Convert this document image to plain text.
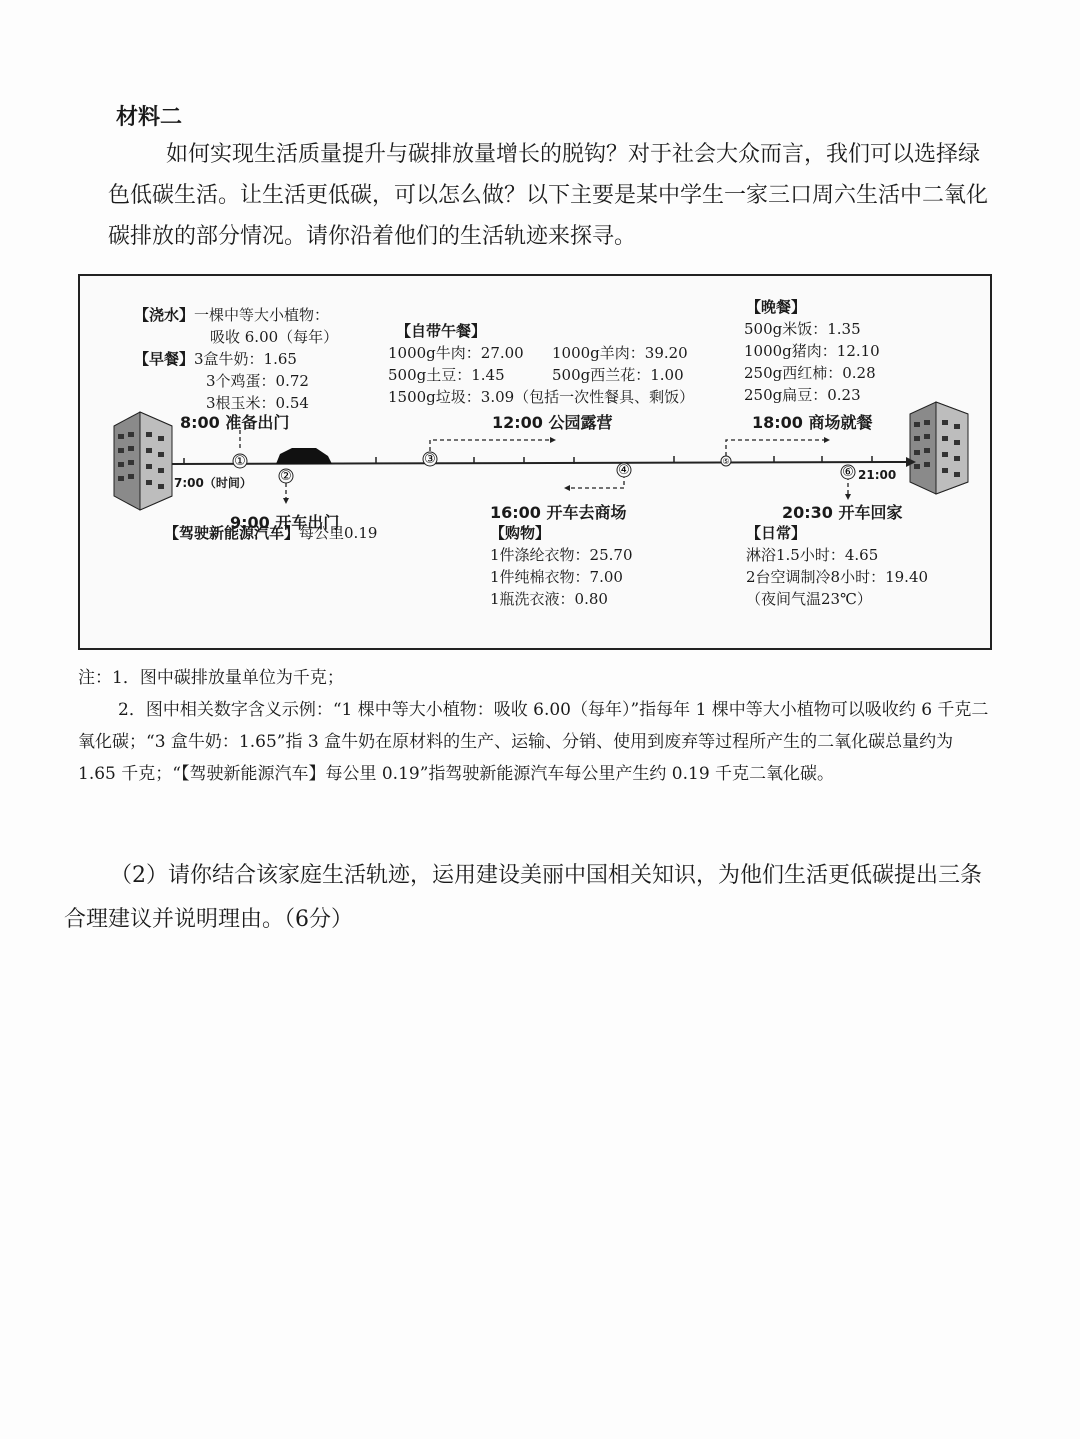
材料二
如何实现生活质量提升与碳排放量增长的脱钩？对于社会大众而言，我们可以选择绿色低碳生活。让生活更低碳，可以怎么做？以下主要是某中学生一家三口周六生活中二氧化碳排放的部分情况。请你沿着他们的生活轨迹来探寻。
①
②
③
④
⑤
⑥
【浇水】一棵中等大小植物：
吸收 6.00（每年）
【早餐】3盒牛奶：1.65
3个鸡蛋：0.72
3根玉米：0.54
8:00 准备出门
【自带午餐】
1000g牛肉：27.00 1000g羊肉：39.20
500g土豆：1.45	500g西兰花：1.00
1500g垃圾：3.09（包括一次性餐具、剩饭）
12:00 公园露营
【晚餐】
500g米饭：1.35
1000g猪肉：12.10
250g西红柿：0.28
250g扁豆：0.23
18:00 商场就餐
7:00（时间）
21:00
9:00 开车出门
【驾驶新能源汽车】每公里0.19
16:00 开车去商场
【购物】
1件涤纶衣物：25.70
1件纯棉衣物：7.00
1瓶洗衣液：0.80
20:30 开车回家
【日常】
淋浴1.5小时：4.65
2台空调制冷8小时：19.40
（夜间气温23℃）
注：1．图中碳排放量单位为千克；
2．图中相关数字含义示例：“1 棵中等大小植物：吸收 6.00（每年）”指每年 1 棵中等大小植物可以吸收约 6 千克二氧化碳；“3 盒牛奶：1.65”指 3 盒牛奶在原材料的生产、运输、分销、使用到废弃等过程所产生的二氧化碳总量约为 1.65 千克；“【驾驶新能源汽车】每公里 0.19”指驾驶新能源汽车每公里产生约 0.19 千克二氧化碳。
（2）请你结合该家庭生活轨迹，运用建设美丽中国相关知识，为他们生活更低碳提出三条合理建议并说明理由。（6分）
